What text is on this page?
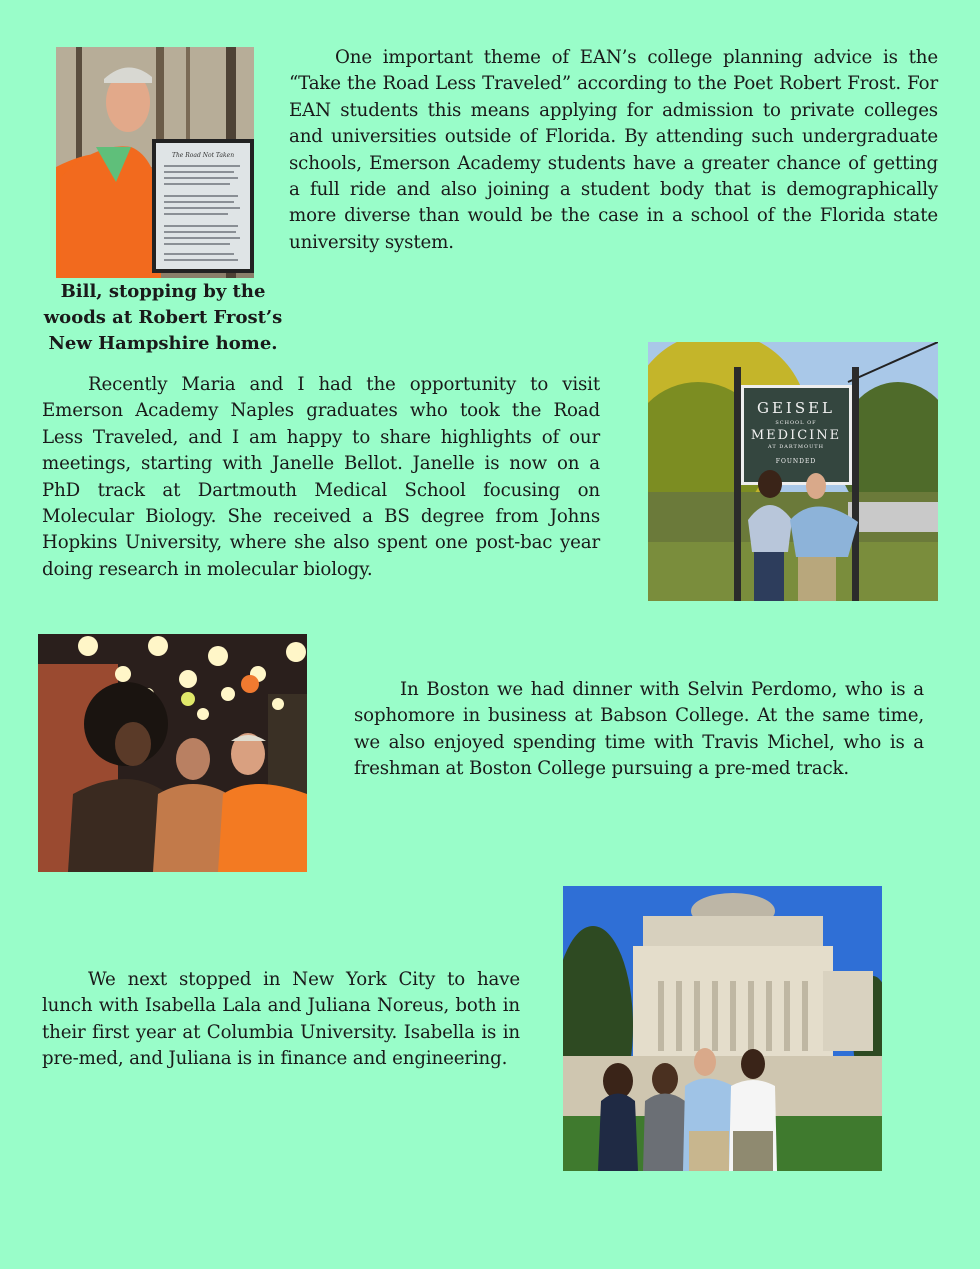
The Road Not Taken
Bill, stopping by the
woods at Robert Frost’s
New Hampshire home.

One important theme of EAN’s college planning advice is the “Take the Road Less Traveled” according to the Poet Robert Frost. For EAN students this means applying for admission to private colleges and universities outside of Florida. By attending such undergraduate schools, Emerson Academy students have a greater chance of getting a full ride and also joining a student body that is demographically more diverse than would be the case in a school of the Florida state university system.

Recently Maria and I had the opportunity to visit Emerson Academy Naples graduates who took the Road Less Traveled, and I am happy to share highlights of our meetings, starting with Janelle Bellot. Janelle is now on a PhD track at Dartmouth Medical School focusing on Molecular Biology. She received a BS degree from Johns Hopkins University, where she also spent one post-bac year doing research in molecular biology.

GEISEL
SCHOOL OF
MEDICINE
AT DARTMOUTH
FOUNDED

In Boston we had dinner with Selvin Perdomo, who is a sophomore in business at Babson College. At the same time, we also enjoyed spending time with Travis Michel, who is a freshman at Boston College pursuing a pre-med track.

We next stopped in New York City to have lunch with Isabella Lala and Juliana Noreus, both in their first year at Columbia University. Isabella is in pre-med, and Juliana is in finance and engineering.
